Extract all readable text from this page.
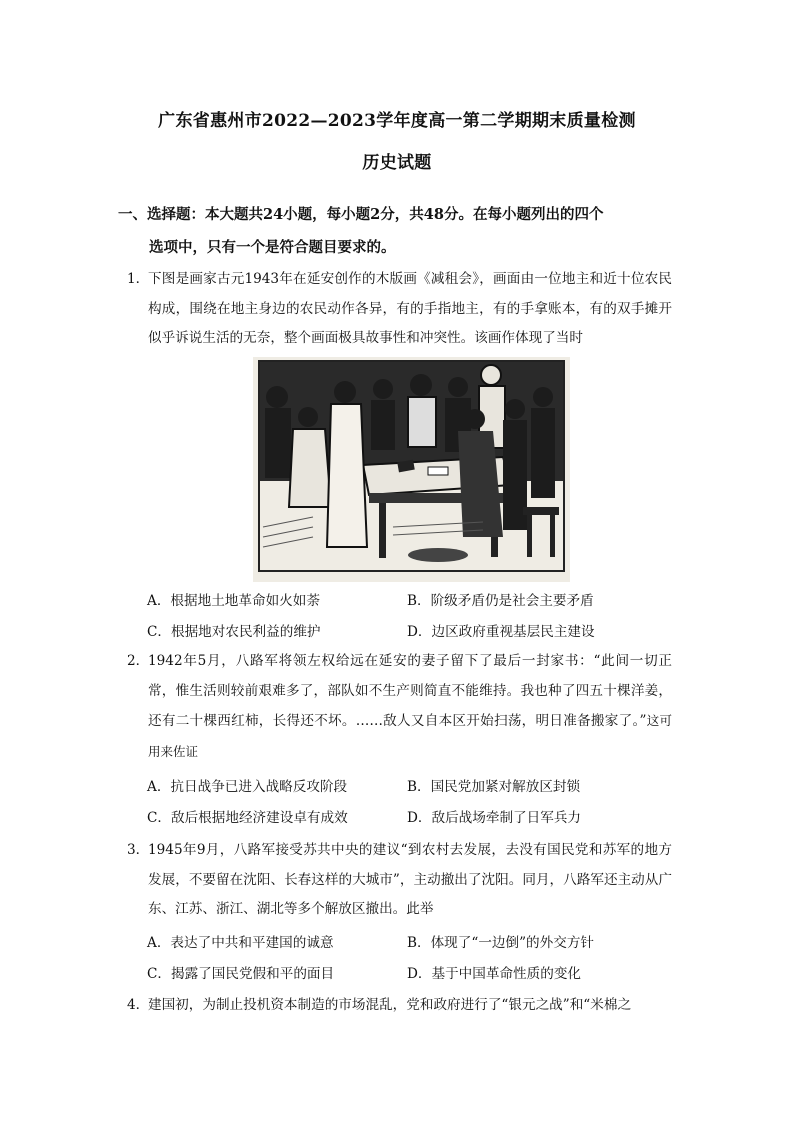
广东省惠州市2022—2023学年度高一第二学期期末质量检测
历史试题
一、选择题：本大题共24小题，每小题2分，共48分。在每小题列出的四个
选项中，只有一个是符合题目要求的。
1．
下图是画家古元1943年在延安创作的木版画《减租会》，画面由一位地主和近十位农民构成，围绕在地主身边的农民动作各异，有的手指地主，有的手拿账本，有的双手摊开似乎诉说生活的无奈，整个画面极具故事性和冲突性。该画作体现了当时
A．根据地土地革命如火如荼	B．阶级矛盾仍是社会主要矛盾
C．根据地对农民利益的维护	D．边区政府重视基层民主建设
2．
1942年5月，八路军将领左权给远在延安的妻子留下了最后一封家书：“此间一切正常，惟生活则较前艰难多了，部队如不生产则简直不能维持。我也种了四五十棵洋姜，还有二十棵西红柿，长得还不坏。……敌人又自本区开始扫荡，明日准备搬家了。”这可用来佐证
A．抗日战争已进入战略反攻阶段	B．国民党加紧对解放区封锁
C．敌后根据地经济建设卓有成效	D．敌后战场牵制了日军兵力
3．
1945年9月，八路军接受苏共中央的建议“到农村去发展，去没有国民党和苏军的地方发展，不要留在沈阳、长春这样的大城市”，主动撤出了沈阳。同月，八路军还主动从广东、江苏、浙江、湖北等多个解放区撤出。此举
A．表达了中共和平建国的诚意	B．体现了“一边倒”的外交方针
C．揭露了国民党假和平的面目	D．基于中国革命性质的变化
4．
建国初，为制止投机资本制造的市场混乱，党和政府进行了“银元之战”和“米棉之
